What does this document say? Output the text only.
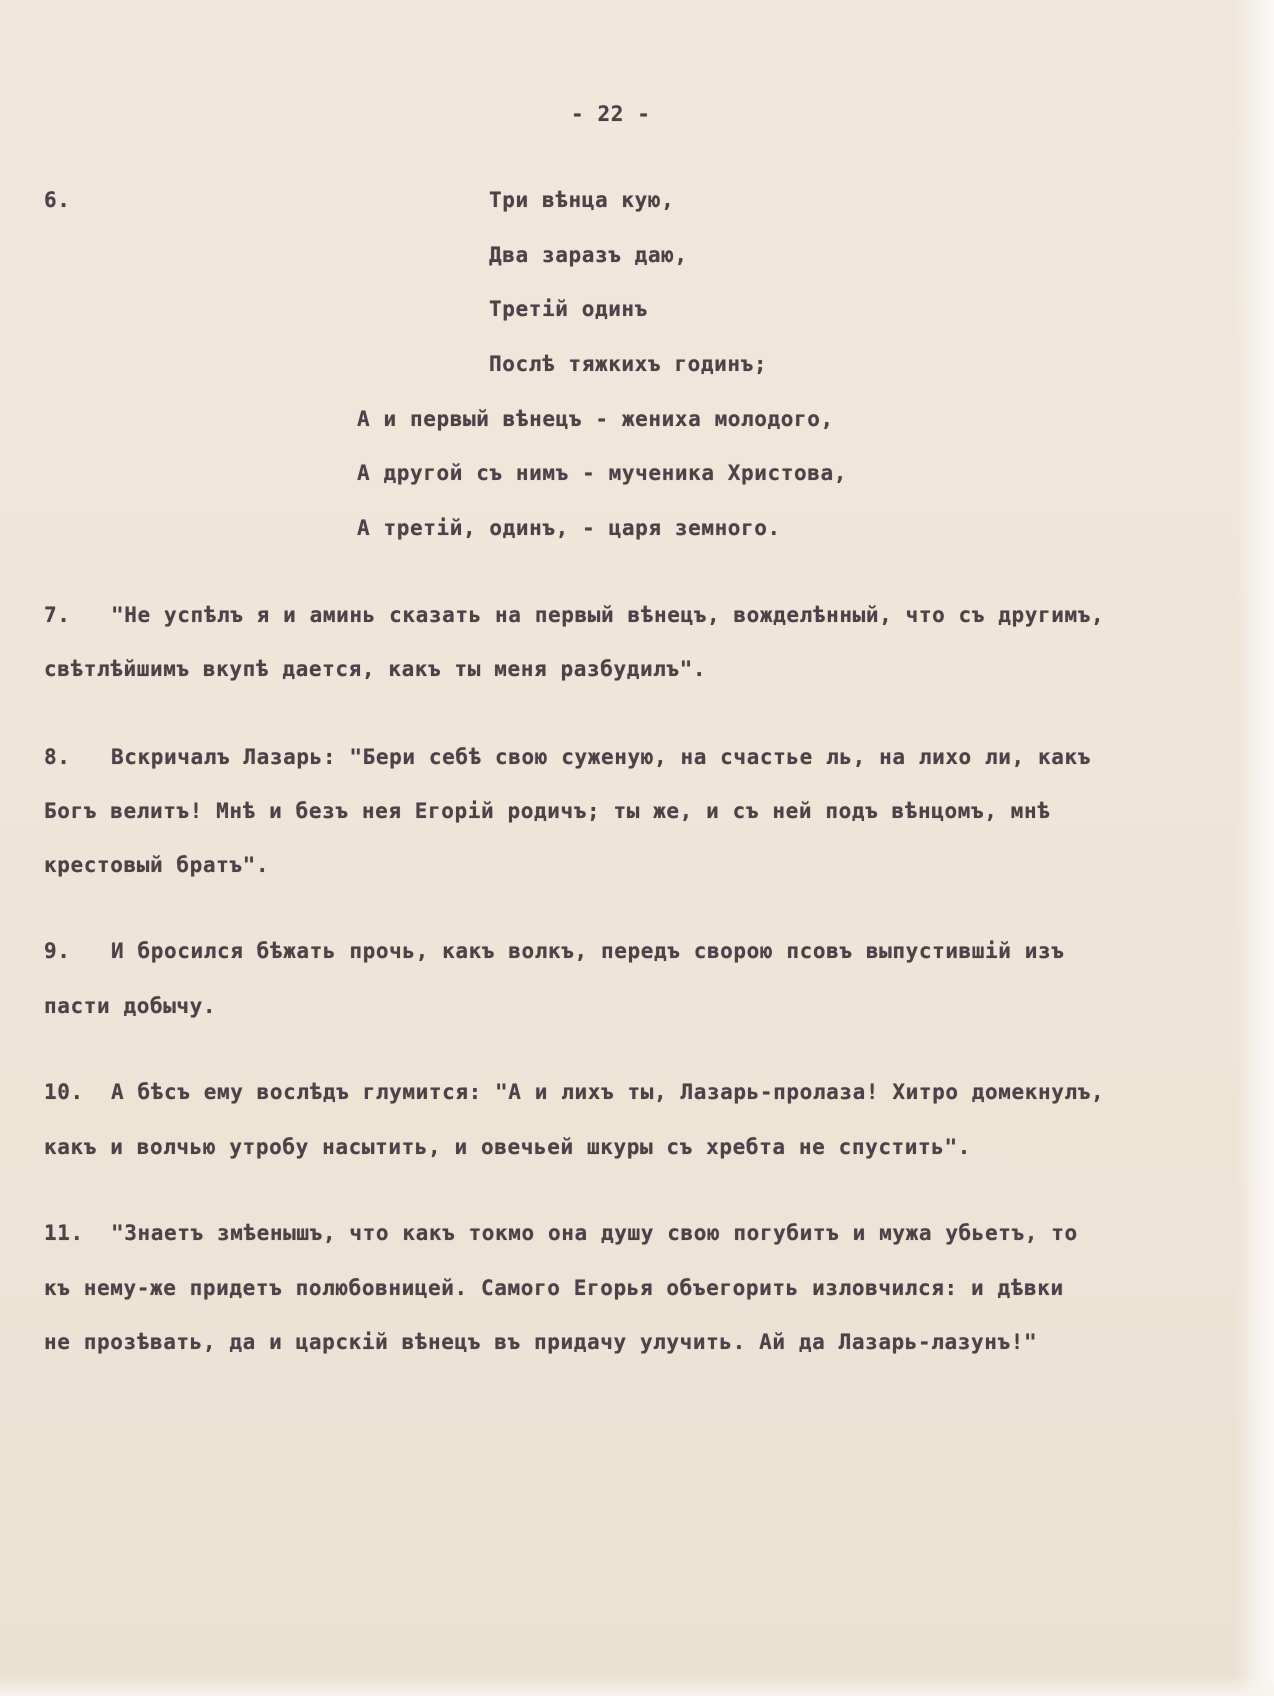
- 22 -
6.	Три вѣнца кую,
Два заразъ даю,
Третій одинъ
Послѣ тяжкихъ годинъ;
А и первый вѣнецъ - жениха молодого,
А другой съ нимъ - мученика Христова,
А третій, одинъ, - царя земного.
7. "Не успѣлъ я и аминь сказать на первый вѣнецъ, вожделѣнный, что съ другимъ,
свѣтлѣйшимъ вкупѣ дается, какъ ты меня разбудилъ".
8. Вскричалъ Лазарь: "Бери себѣ свою суженую, на счастье ль, на лихо ли, какъ
Богъ велитъ! Мнѣ и безъ нея Егорій родичъ; ты же, и съ ней подъ вѣнцомъ, мнѣ
крестовый братъ".
9. И бросился бѣжать прочь, какъ волкъ, передъ сворою псовъ выпустившій изъ
пасти добычу.
10. А бѣсъ ему вослѣдъ глумится: "А и лихъ ты, Лазарь-пролаза! Хитро домекнулъ,
какъ и волчью утробу насытить, и овечьей шкуры съ хребта не спустить".
11. "Знаетъ змѣенышъ, что какъ токмо она душу свою погубитъ и мужа убьетъ, то
къ нему-же придетъ полюбовницей. Самого Егорья объегорить изловчился: и дѣвки
не прозѣвать, да и царскій вѣнецъ въ придачу улучить. Ай да Лазарь-лазунъ!"
